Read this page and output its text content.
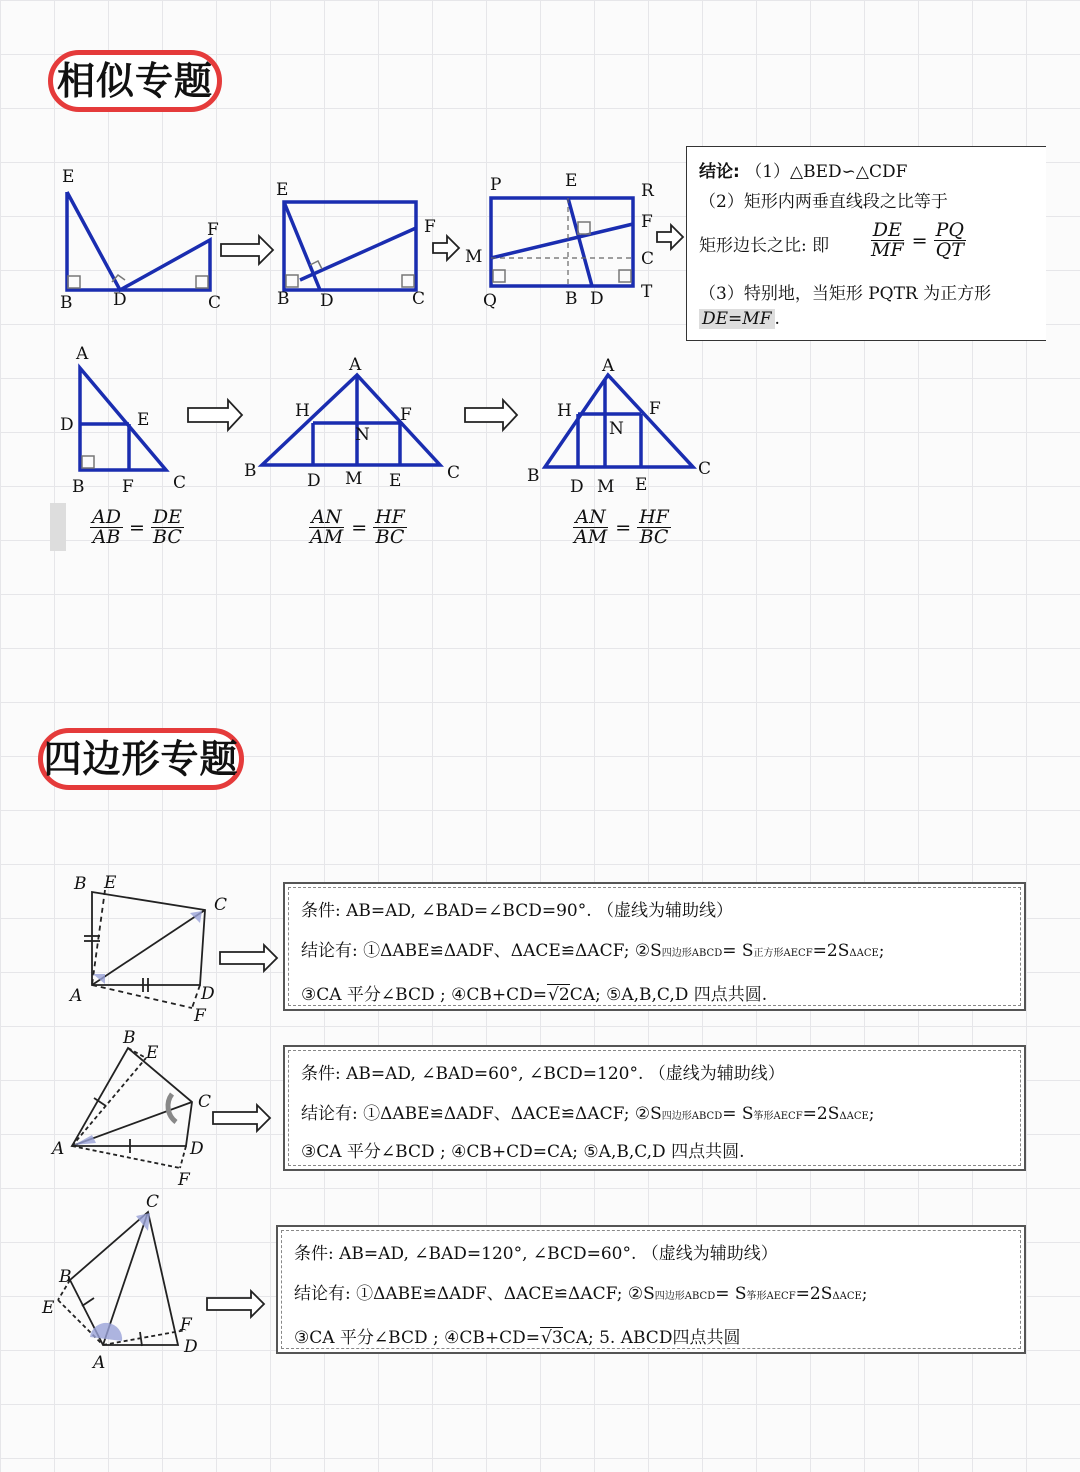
相似专题
E
B D	C
F
E
F
B D	C
P	E	R
F
M	C
Q	B D T
A
D	E
B F C
A
H	F
N
B	D M E	C
A
H	F
N
B
D M E
C
结论: （1）△BED∽△CDF
（2）矩形内两垂直线段之比等于
矩形边长之比: 即 $\frac{DE}{MF} = \frac{PQ}{QT}$
（3）特别地，当矩形 PQTR 为正方形
DE=MF .
$\frac{AD}{AB} = \frac{DE}{BC}$	$\frac{AN}{AM} = \frac{HF}{BC}$	$\frac{AN}{AM} = \frac{HF}{BC}$
四边形专题
B E
C
A	D
F
B
E
C
A	D
F
C
B
E
F
D
A
条件: AB=AD, ∠BAD=∠BCD=90°. （虚线为辅助线）
结论有: ①ΔABE≌ΔADF、ΔACE≌ΔACF; ②S四边形ABCD= S正方形AECF=2SΔACE;
③CA 平分∠BCD ; ④CB+CD=√2CA; ⑤A,B,C,D 四点共圆.
条件: AB=AD, ∠BAD=60°, ∠BCD=120°. （虚线为辅助线）
结论有: ①ΔABE≌ΔADF、ΔACE≌ΔACF; ②S四边形ABCD= S筝形AECF=2SΔACE;
③CA 平分∠BCD ; ④CB+CD=CA; ⑤A,B,C,D 四点共圆.
条件: AB=AD, ∠BAD=120°, ∠BCD=60°. （虚线为辅助线）
结论有: ①ΔABE≌ΔADF、ΔACE≌ΔACF; ②S四边形ABCD= S筝形AECF=2SΔACE;
③CA 平分∠BCD ; ④CB+CD=√3CA; 5. ABCD四点共圆
